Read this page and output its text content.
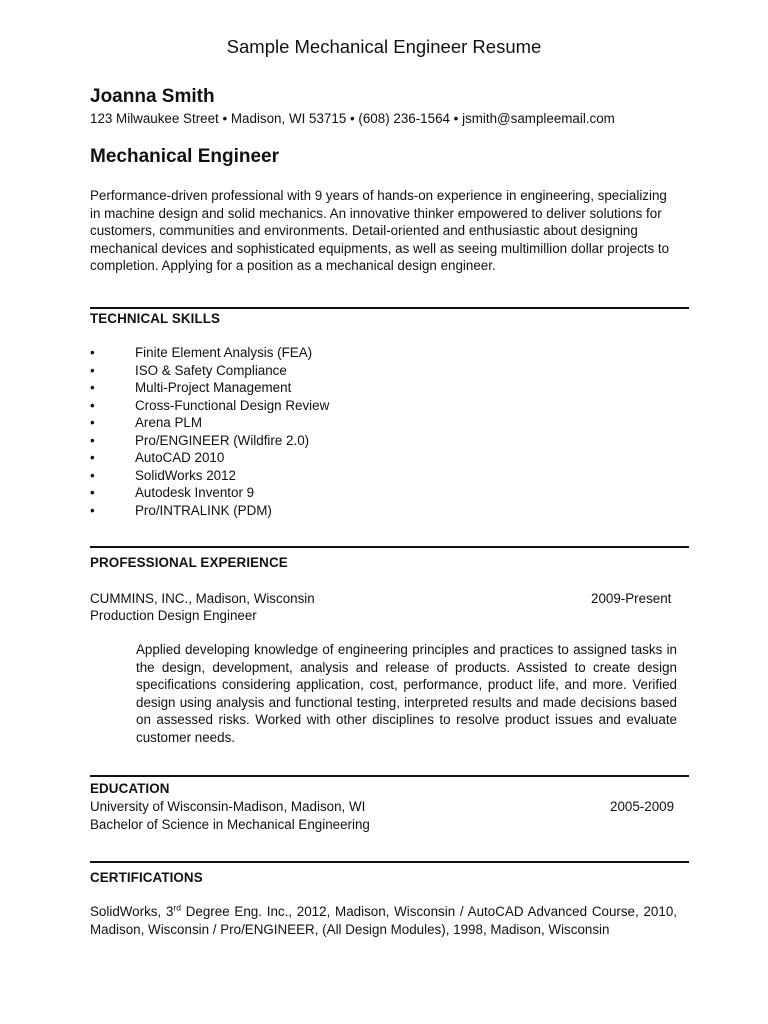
Sample Mechanical Engineer Resume
Joanna Smith
123 Milwaukee Street • Madison, WI 53715 • (608) 236-1564 • jsmith@sampleemail.com
Mechanical Engineer
Performance-driven professional with 9 years of hands-on experience in engineering, specializing in machine design and solid mechanics. An innovative thinker empowered to deliver solutions for customers, communities and environments. Detail-oriented and enthusiastic about designing mechanical devices and sophisticated equipments, as well as seeing multimillion dollar projects to completion. Applying for a position as a mechanical design engineer.
TECHNICAL SKILLS
•	Finite Element Analysis (FEA)
•	ISO & Safety Compliance
•	Multi-Project Management
•	Cross-Functional Design Review
•	Arena PLM
•	Pro/ENGINEER (Wildfire 2.0)
•	AutoCAD 2010
•	SolidWorks 2012
•	Autodesk Inventor 9
•	Pro/INTRALINK (PDM)
PROFESSIONAL EXPERIENCE
CUMMINS, INC., Madison, Wisconsin	2009-Present
Production Design Engineer
Applied developing knowledge of engineering principles and practices to assigned tasks in the design, development, analysis and release of products. Assisted to create design specifications considering application, cost, performance, product life, and more. Verified design using analysis and functional testing, interpreted results and made decisions based on assessed risks. Worked with other disciplines to resolve product issues and evaluate customer needs.
EDUCATION
University of Wisconsin-Madison, Madison, WI	2005-2009
Bachelor of Science in Mechanical Engineering
CERTIFICATIONS
SolidWorks, 3rd Degree Eng. Inc., 2012, Madison, Wisconsin / AutoCAD Advanced Course, 2010, Madison, Wisconsin / Pro/ENGINEER, (All Design Modules), 1998, Madison, Wisconsin
